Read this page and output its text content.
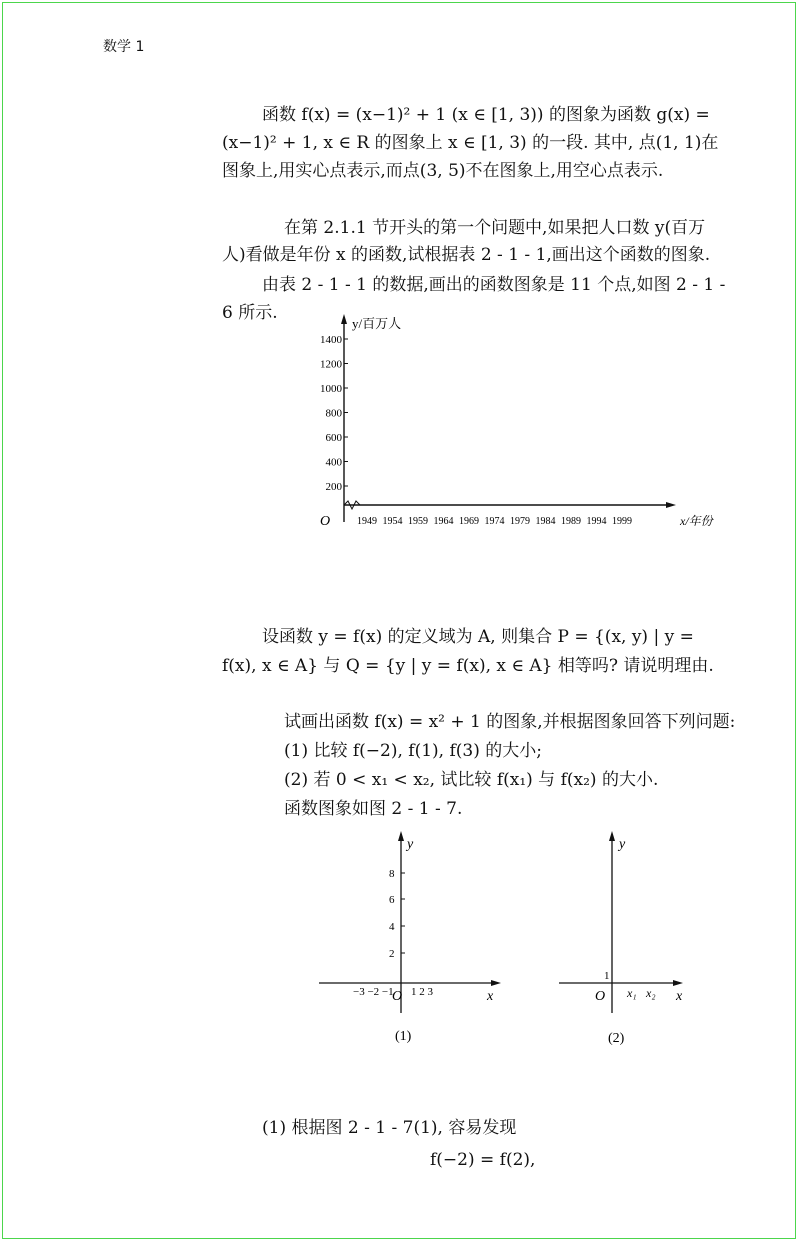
数学 1
函数 f(x) = (x−1)² + 1 (x ∈ [1, 3)) 的图象为函数 g(x) =
(x−1)² + 1, x ∈ R 的图象上 x ∈ [1, 3) 的一段. 其中, 点(1, 1)在
图象上,用实心点表示,而点(3, 5)不在图象上,用空心点表示.
在第 2.1.1 节开头的第一个问题中,如果把人口数 y(百万
人)看做是年份 x 的函数,试根据表 2 - 1 - 1,画出这个函数的图象.
由表 2 - 1 - 1 的数据,画出的函数图象是 11 个点,如图 2 - 1 -
6 所示.
y/百万人
x/年份
O
1400
1200
1000
800
600
400
200
1949 1954 1959 1964 1969 1974 1979 1984 1989 1994 1999
设函数 y = f(x) 的定义域为 A, 则集合 P = {(x, y) | y =
f(x), x ∈ A} 与 Q = {y | y = f(x), x ∈ A} 相等吗? 请说明理由.
试画出函数 f(x) = x² + 1 的图象,并根据图象回答下列问题:
(1) 比较 f(−2), f(1), f(3) 的大小;
(2) 若 0 < x₁ < x₂, 试比较 f(x₁) 与 f(x₂) 的大小.
函数图象如图 2 - 1 - 7.
y
x
O
8
6
4
2
−3 −2 −1 1 2 3
(1)
y
x
O
1
x₁ x₂
(2)
(1) 根据图 2 - 1 - 7(1), 容易发现
f(−2) = f(2),
